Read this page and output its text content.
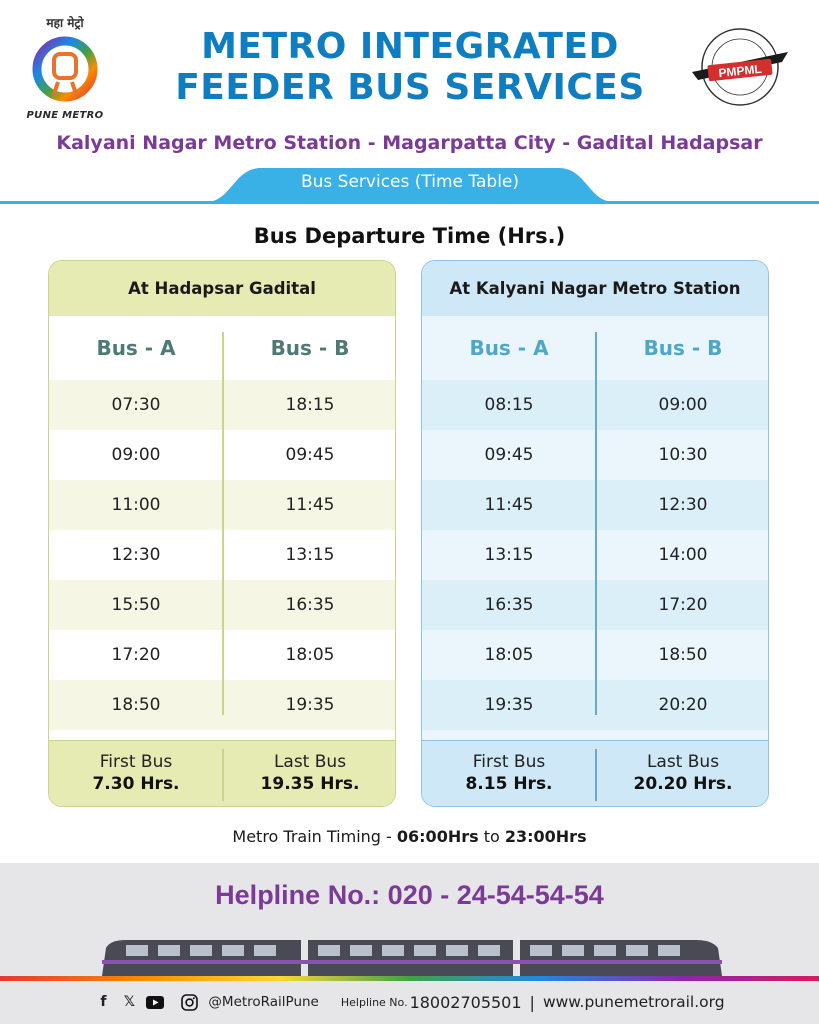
महा मेट्रो
PUNE METRO
METRO INTEGRATED
FEEDER BUS SERVICES	PMPML
Kalyani Nagar Metro Station - Magarpatta City - Gadital Hadapsar
Bus Services (Time Table)
Bus Departure Time (Hrs.)
At Hadapsar Gadital
Bus - A	Bus - B
07:30	18:15
09:00	09:45
11:00	11:45
12:30	13:15
15:50	16:35
17:20	18:05
18:50	19:35
First Bus
7.30 Hrs.
Last Bus
19.35 Hrs.
At Kalyani Nagar Metro Station
Bus - A	Bus - B
08:15	09:00
09:45	10:30
11:45	12:30
13:15	14:00
16:35	17:20
18:05	18:50
19:35	20:20
First Bus
8.15 Hrs.
Last Bus
20.20 Hrs.
Metro Train Timing - 06:00Hrs to 23:00Hrs
Helpline No.: 020 - 24-54-54-54
f	𝕏	@MetroRailPune Helpline No. 18002705501 | www.punemetrorail.org
